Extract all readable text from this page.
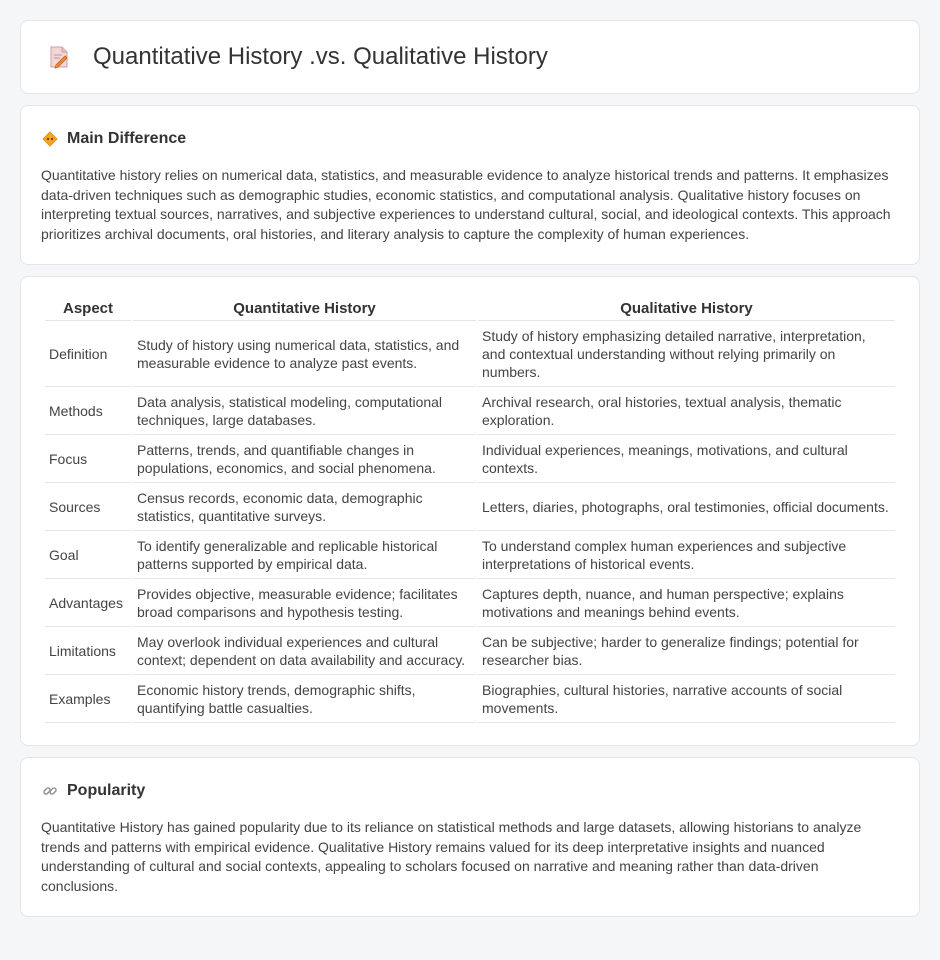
Quantitative History .vs. Qualitative History
Main Difference

Quantitative history relies on numerical data, statistics, and measurable evidence to analyze historical trends and patterns. It emphasizes data-driven techniques such as demographic studies, economic statistics, and computational analysis. Qualitative history focuses on interpreting textual sources, narratives, and subjective experiences to understand cultural, social, and ideological contexts. This approach prioritizes archival documents, oral histories, and literary analysis to capture the complexity of human experiences.

Aspect	Quantitative History	Qualitative History
Definition	Study of history using numerical data, statistics, and measurable evidence to analyze past events.	Study of history emphasizing detailed narrative, interpretation, and contextual understanding without relying primarily on numbers.
Methods	Data analysis, statistical modeling, computational techniques, large databases.	Archival research, oral histories, textual analysis, thematic exploration.
Focus	Patterns, trends, and quantifiable changes in populations, economics, and social phenomena.	Individual experiences, meanings, motivations, and cultural contexts.
Sources	Census records, economic data, demographic statistics, quantitative surveys.	Letters, diaries, photographs, oral testimonies, official documents.
Goal	To identify generalizable and replicable historical patterns supported by empirical data.	To understand complex human experiences and subjective interpretations of historical events.
Advantages	Provides objective, measurable evidence; facilitates broad comparisons and hypothesis testing.	Captures depth, nuance, and human perspective; explains motivations and meanings behind events.
Limitations	May overlook individual experiences and cultural context; dependent on data availability and accuracy.	Can be subjective; harder to generalize findings; potential for researcher bias.
Examples	Economic history trends, demographic shifts, quantifying battle casualties.	Biographies, cultural histories, narrative accounts of social movements.
Popularity

Quantitative History has gained popularity due to its reliance on statistical methods and large datasets, allowing historians to analyze trends and patterns with empirical evidence. Qualitative History remains valued for its deep interpretative insights and nuanced understanding of cultural and social contexts, appealing to scholars focused on narrative and meaning rather than data-driven conclusions.
